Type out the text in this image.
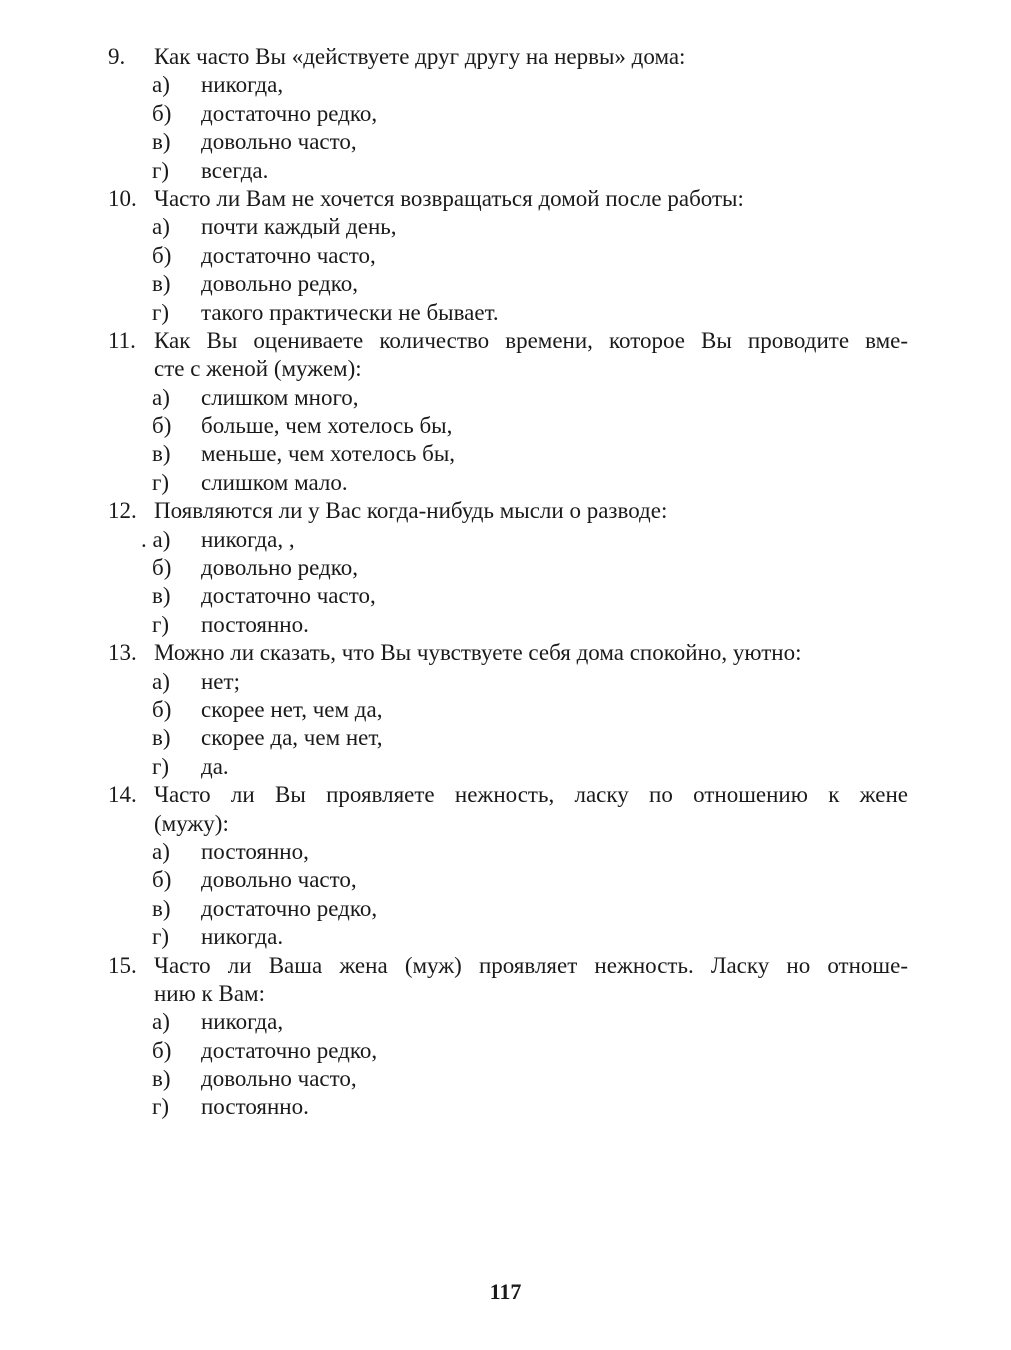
9. Как часто Вы «действуете друг другу на нервы» дома:
а) никогда,
б) достаточно редко,
в) довольно часто,
г) всегда.
10. Часто ли Вам не хочется возвращаться домой после работы:
а) почти каждый день,
б) достаточно часто,
в) довольно редко,
г) такого практически не бывает.
11. Как Вы оцениваете количество времени, которое Вы проводите вме-
сте с женой (мужем):
а) слишком много,
б) больше, чем хотелось бы,
в) меньше, чем хотелось бы,
г) слишком мало.
12. Появляются ли у Вас когда-нибудь мысли о разводе:
. а) никогда, ,
б) довольно редко,
в) достаточно часто,
г) постоянно.
13. Можно ли сказать, что Вы чувствуете себя дома спокойно, уютно:
а) нет;
б) скорее нет, чем да,
в) скорее да, чем нет,
г) да.
14. Часто ли Вы проявляете нежность, ласку по отношению к жене
(мужу):
а) постоянно,
б) довольно часто,
в) достаточно редко,
г) никогда.
15. Часто ли Ваша жена (муж) проявляет нежность. Ласку но отноше-
нию к Вам:
а) никогда,
б) достаточно редко,
в) довольно часто,
г) постоянно.
117
